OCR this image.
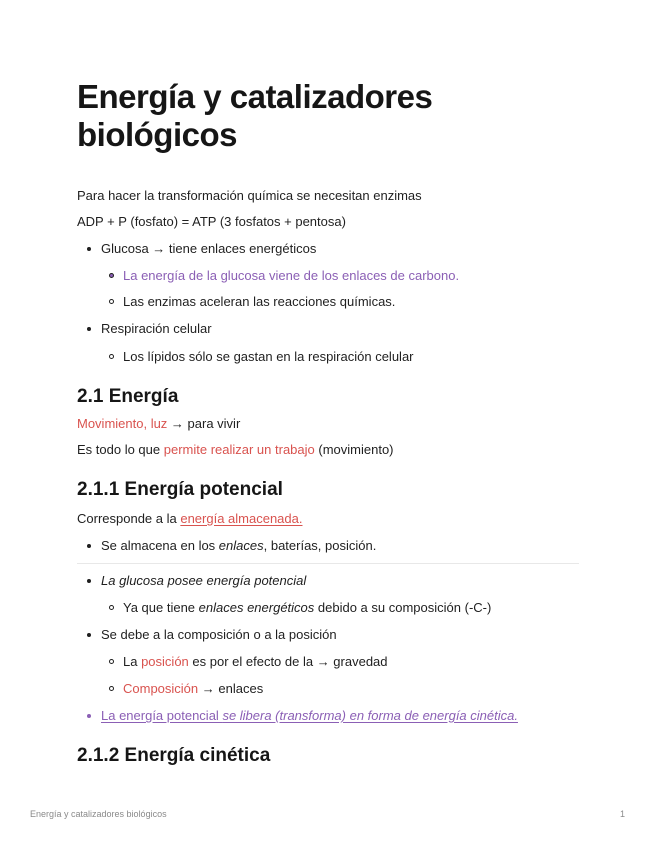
Energía y catalizadores biológicos
Para hacer la transformación química se necesitan enzimas
ADP + P (fosfato) = ATP (3 fosfatos + pentosa)
Glucosa → tiene enlaces energéticos
La energía de la glucosa viene de los enlaces de carbono.
Las enzimas aceleran las reacciones químicas.
Respiración celular
Los lípidos sólo se gastan en la respiración celular
2.1 Energía
Movimiento, luz → para vivir
Es todo lo que permite realizar un trabajo (movimiento)
2.1.1 Energía potencial
Corresponde a la energía almacenada.
Se almacena en los enlaces, baterías, posición.
La glucosa posee energía potencial
Ya que tiene enlaces energéticos debido a su composición (-C-)
Se debe a la composición o a la posición
La posición es por el efecto de la → gravedad
Composición → enlaces
La energía potencial se libera (transforma) en forma de energía cinética.
2.1.2 Energía cinética
Energía y catalizadores biológicos	1
